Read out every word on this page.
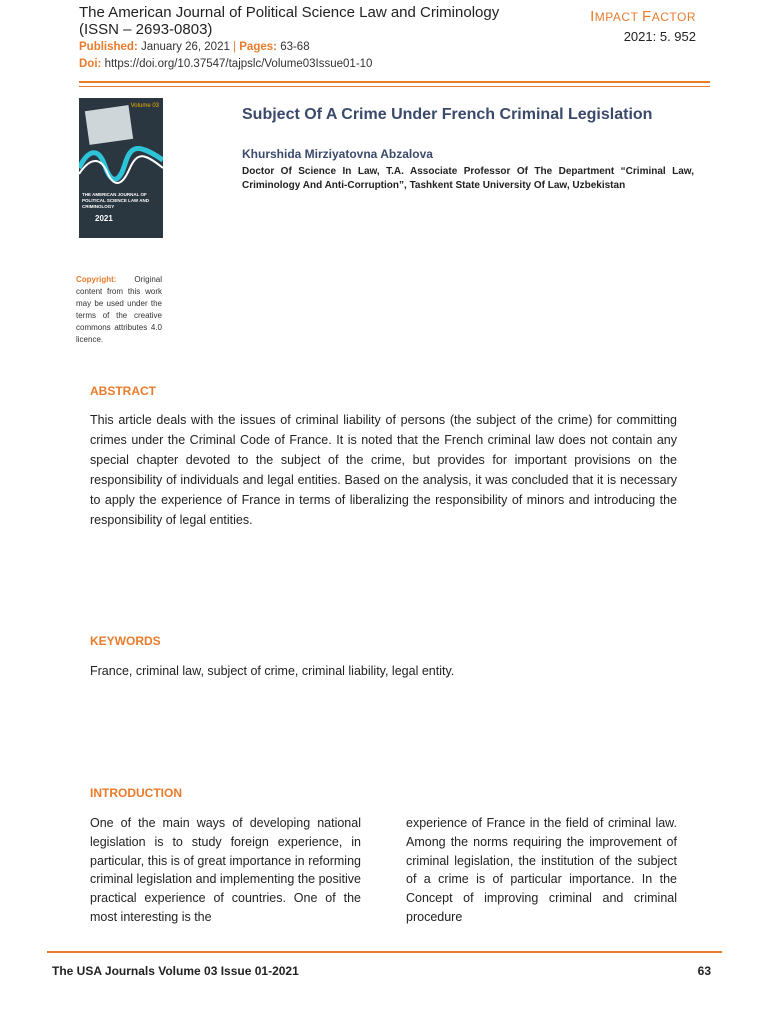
The American Journal of Political Science Law and Criminology
(ISSN – 2693-0803)
Published: January 26, 2021 | Pages: 63-68
Doi: https://doi.org/10.37547/tajpslc/Volume03Issue01-10
IMPACT FACTOR
2021: 5. 952
Volume 03
THE AMERICAN JOURNAL OF POLITICAL SCIENCE LAW AND CRIMINOLOGY
2021
Copyright: Original content from this work may be used under the terms of the creative commons attributes 4.0 licence.
Subject Of A Crime Under French Criminal Legislation
Khurshida Mirziyatovna Abzalova
Doctor Of Science In Law, T.A. Associate Professor Of The Department “Criminal Law, Criminology And Anti-Corruption”, Tashkent State University Of Law, Uzbekistan
ABSTRACT
This article deals with the issues of criminal liability of persons (the subject of the crime) for committing crimes under the Criminal Code of France. It is noted that the French criminal law does not contain any special chapter devoted to the subject of the crime, but provides for important provisions on the responsibility of individuals and legal entities. Based on the analysis, it was concluded that it is necessary to apply the experience of France in terms of liberalizing the responsibility of minors and introducing the responsibility of legal entities.
KEYWORDS
France, criminal law, subject of crime, criminal liability, legal entity.
INTRODUCTION
One of the main ways of developing national legislation is to study foreign experience, in particular, this is of great importance in reforming criminal legislation and implementing the positive practical experience of countries. One of the most interesting is the
experience of France in the field of criminal law. Among the norms requiring the improvement of criminal legislation, the institution of the subject of a crime is of particular importance. In the Concept of improving criminal and criminal procedure
The USA Journals Volume 03 Issue 01-2021	63
